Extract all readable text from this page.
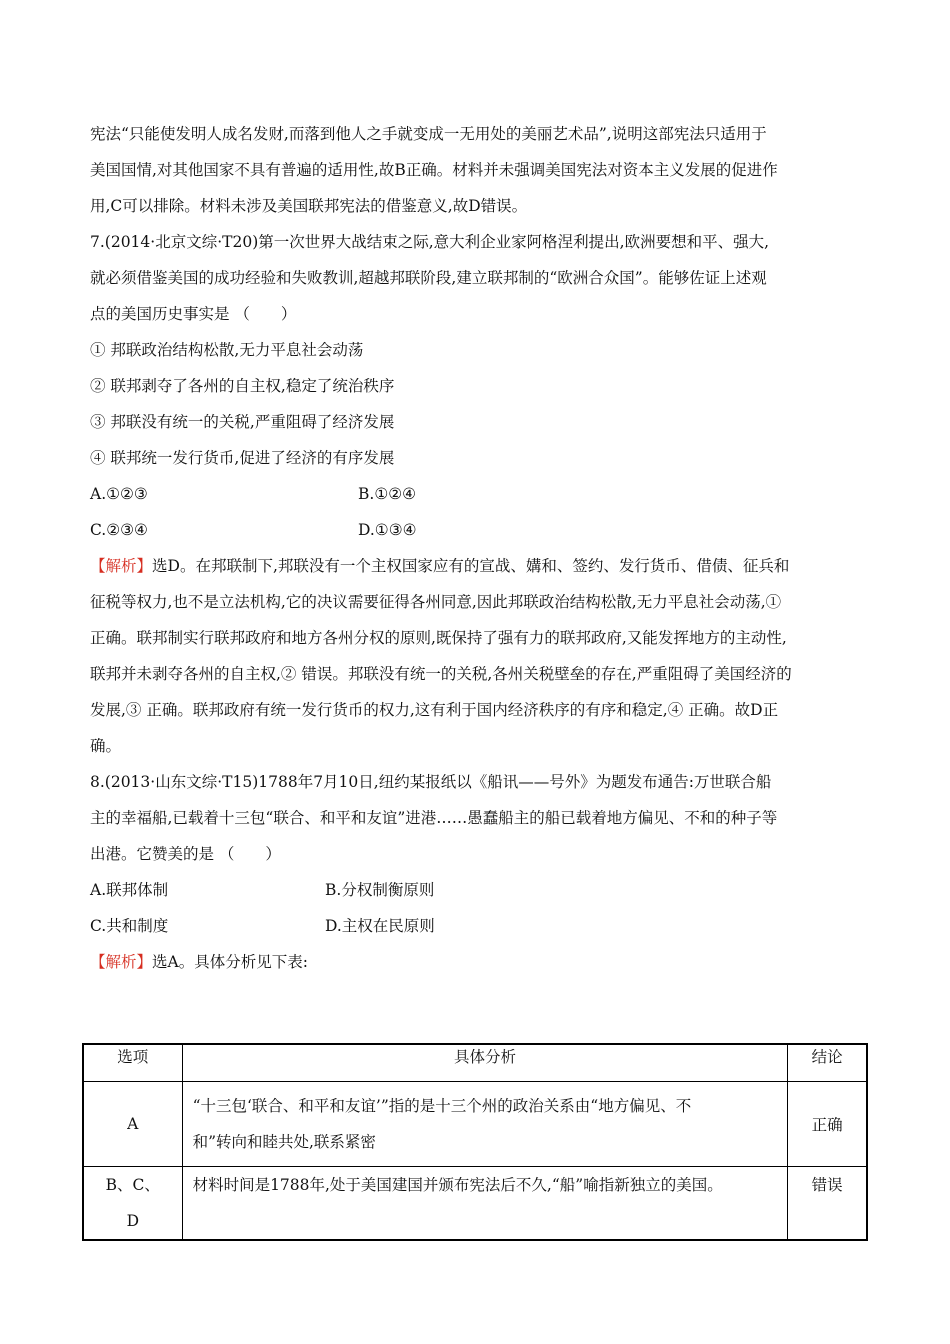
宪法“只能使发明人成名发财,而落到他人之手就变成一无用处的美丽艺术品”,说明这部宪法只适用于
美国国情,对其他国家不具有普遍的适用性,故B正确。材料并未强调美国宪法对资本主义发展的促进作
用,C可以排除。材料未涉及美国联邦宪法的借鉴意义,故D错误。
7.(2014·北京文综·T20)第一次世界大战结束之际,意大利企业家阿格涅利提出,欧洲要想和平、强大,
就必须借鉴美国的成功经验和失败教训,超越邦联阶段,建立联邦制的“欧洲合众国”。能够佐证上述观
点的美国历史事实是 （　　）
① 邦联政治结构松散,无力平息社会动荡
② 联邦剥夺了各州的自主权,稳定了统治秩序
③ 邦联没有统一的关税,严重阻碍了经济发展
④ 联邦统一发行货币,促进了经济的有序发展
A.①②③	B.①②④
C.②③④	D.①③④
【解析】选D。在邦联制下,邦联没有一个主权国家应有的宣战、媾和、签约、发行货币、借债、征兵和
征税等权力,也不是立法机构,它的决议需要征得各州同意,因此邦联政治结构松散,无力平息社会动荡,①
正确。联邦制实行联邦政府和地方各州分权的原则,既保持了强有力的联邦政府,又能发挥地方的主动性,
联邦并未剥夺各州的自主权,② 错误。邦联没有统一的关税,各州关税壁垒的存在,严重阻碍了美国经济的
发展,③ 正确。联邦政府有统一发行货币的权力,这有利于国内经济秩序的有序和稳定,④ 正确。故D正
确。
8.(2013·山东文综·T15)1788年7月10日,纽约某报纸以《船讯——号外》为题发布通告:万世联合船
主的幸福船,已载着十三包“联合、和平和友谊”进港……愚蠢船主的船已载着地方偏见、不和的种子等
出港。它赞美的是 （　　）
A.联邦体制	B.分权制衡原则
C.共和制度	D.主权在民原则
【解析】选A。具体分析见下表:
选项	具体分析	结论
A	“十三包‘联合、和平和友谊’”指的是十三个州的政治关系由“地方偏见、不
和”转向和睦共处,联系紧密	正确

B、C、
D	材料时间是1788年,处于美国建国并颁布宪法后不久,“船”喻指新独立的美国。	错误
